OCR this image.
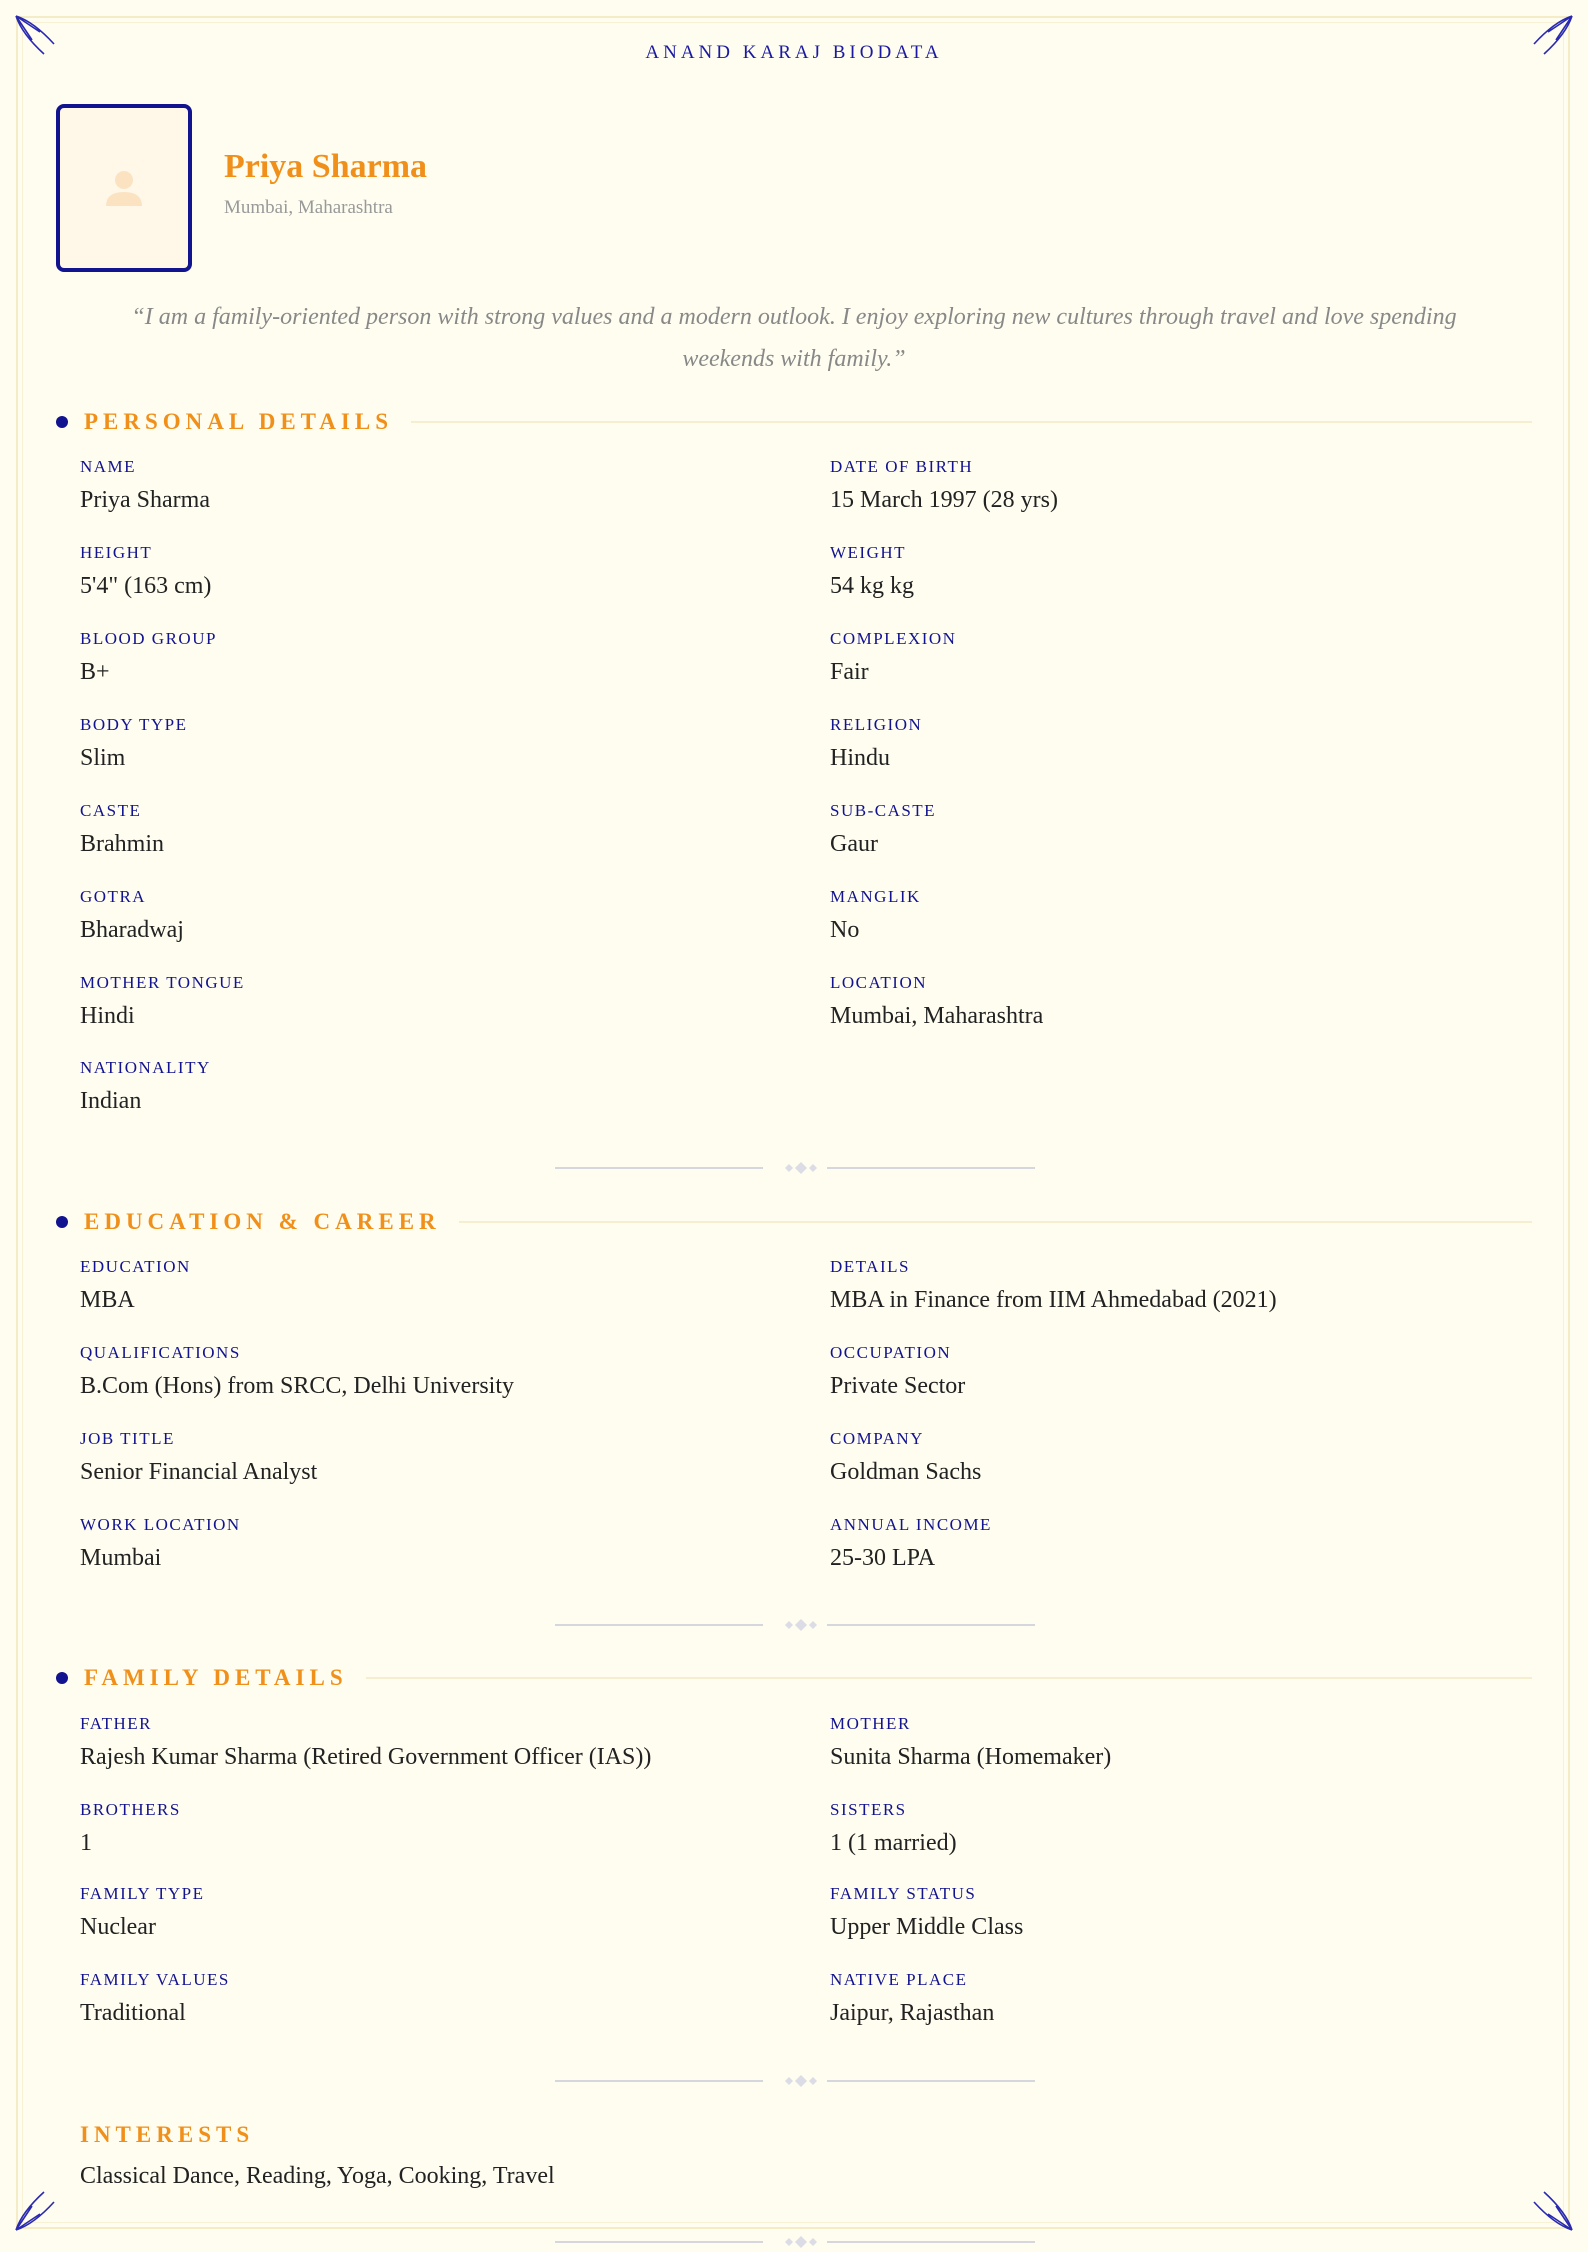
ANAND KARAJ BIODATA
Priya Sharma
Mumbai, Maharashtra
“I am a family-oriented person with strong values and a modern outlook. I enjoy exploring new cultures through travel and love spending weekends with family.”
PERSONAL DETAILS
NAME
Priya Sharma
DATE OF BIRTH
15 March 1997 (28 yrs)
HEIGHT
5'4" (163 cm)
WEIGHT
54 kg kg
BLOOD GROUP
B+
COMPLEXION
Fair
BODY TYPE
Slim
RELIGION
Hindu
CASTE
Brahmin
SUB-CASTE
Gaur
GOTRA
Bharadwaj
MANGLIK
No
MOTHER TONGUE
Hindi
LOCATION
Mumbai, Maharashtra
NATIONALITY
Indian
EDUCATION & CAREER
EDUCATION
MBA
DETAILS
MBA in Finance from IIM Ahmedabad (2021)
QUALIFICATIONS
B.Com (Hons) from SRCC, Delhi University
OCCUPATION
Private Sector
JOB TITLE
Senior Financial Analyst
COMPANY
Goldman Sachs
WORK LOCATION
Mumbai
ANNUAL INCOME
25-30 LPA
FAMILY DETAILS
FATHER
Rajesh Kumar Sharma (Retired Government Officer (IAS))
MOTHER
Sunita Sharma (Homemaker)
BROTHERS
1
SISTERS
1 (1 married)
FAMILY TYPE
Nuclear
FAMILY STATUS
Upper Middle Class
FAMILY VALUES
Traditional
NATIVE PLACE
Jaipur, Rajasthan
INTERESTS
Classical Dance, Reading, Yoga, Cooking, Travel
